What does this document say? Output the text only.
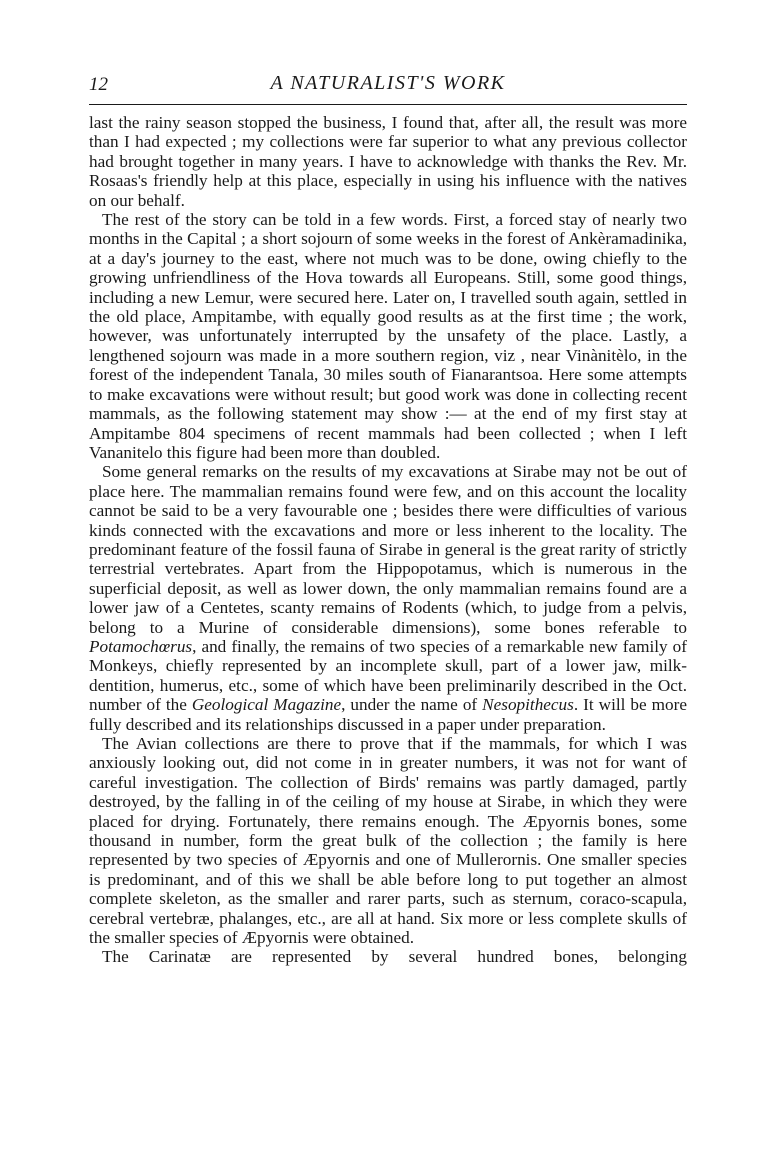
12	A NATURALIST'S WORK

last the rainy season stopped the business, I found that, after all, the result was more than I had expected ; my collections were far superior to what any previous collector had brought together in many years. I have to acknowledge with thanks the Rev. Mr. Rosaas's friendly help at this place, especially in using his influence with the natives on our behalf.

The rest of the story can be told in a few words. First, a forced stay of nearly two months in the Capital ; a short sojourn of some weeks in the forest of Ankèramadinika, at a day's journey to the east, where not much was to be done, owing chiefly to the growing unfriendliness of the Hova towards all Europeans. Still, some good things, including a new Lemur, were secured here. Later on, I travelled south again, settled in the old place, Ampitambe, with equally good results as at the first time ; the work, however, was unfortunately interrupted by the unsafety of the place. Lastly, a lengthened sojourn was made in a more southern region, viz , near Vinànitèlo, in the forest of the independent Tanala, 30 miles south of Fianarantsoa. Here some attempts to make excavations were without result; but good work was done in collecting recent mammals, as the following statement may show :— at the end of my first stay at Ampitambe 804 specimens of recent mammals had been collected ; when I left Vananitelo this figure had been more than doubled.

Some general remarks on the results of my excavations at Sirabe may not be out of place here. The mammalian remains found were few, and on this account the locality cannot be said to be a very favourable one ; besides there were difficulties of various kinds connected with the excavations and more or less inherent to the locality. The predominant feature of the fossil fauna of Sirabe in general is the great rarity of strictly terrestrial vertebrates. Apart from the Hippopotamus, which is numerous in the superficial deposit, as well as lower down, the only mammalian remains found are a lower jaw of a Centetes, scanty remains of Rodents (which, to judge from a pelvis, belong to a Murine of considerable dimensions), some bones referable to Potamochœrus, and finally, the remains of two species of a remarkable new family of Monkeys, chiefly represented by an incomplete skull, part of a lower jaw, milk-dentition, humerus, etc., some of which have been preliminarily described in the Oct. number of the Geological Magazine, under the name of Nesopithecus. It will be more fully described and its relationships discussed in a paper under preparation.

The Avian collections are there to prove that if the mammals, for which I was anxiously looking out, did not come in in greater numbers, it was not for want of careful investigation. The collection of Birds' remains was partly damaged, partly destroyed, by the falling in of the ceiling of my house at Sirabe, in which they were placed for drying. Fortunately, there remains enough. The Æpyornis bones, some thousand in number, form the great bulk of the collection ; the family is here represented by two species of Æpyornis and one of Mullerornis. One smaller species is predominant, and of this we shall be able before long to put together an almost complete skeleton, as the smaller and rarer parts, such as sternum, coraco-scapula, cerebral vertebræ, phalanges, etc., are all at hand. Six more or less complete skulls of the smaller species of Æpyornis were obtained.

The Carinatæ are represented by several hundred bones, belonging
